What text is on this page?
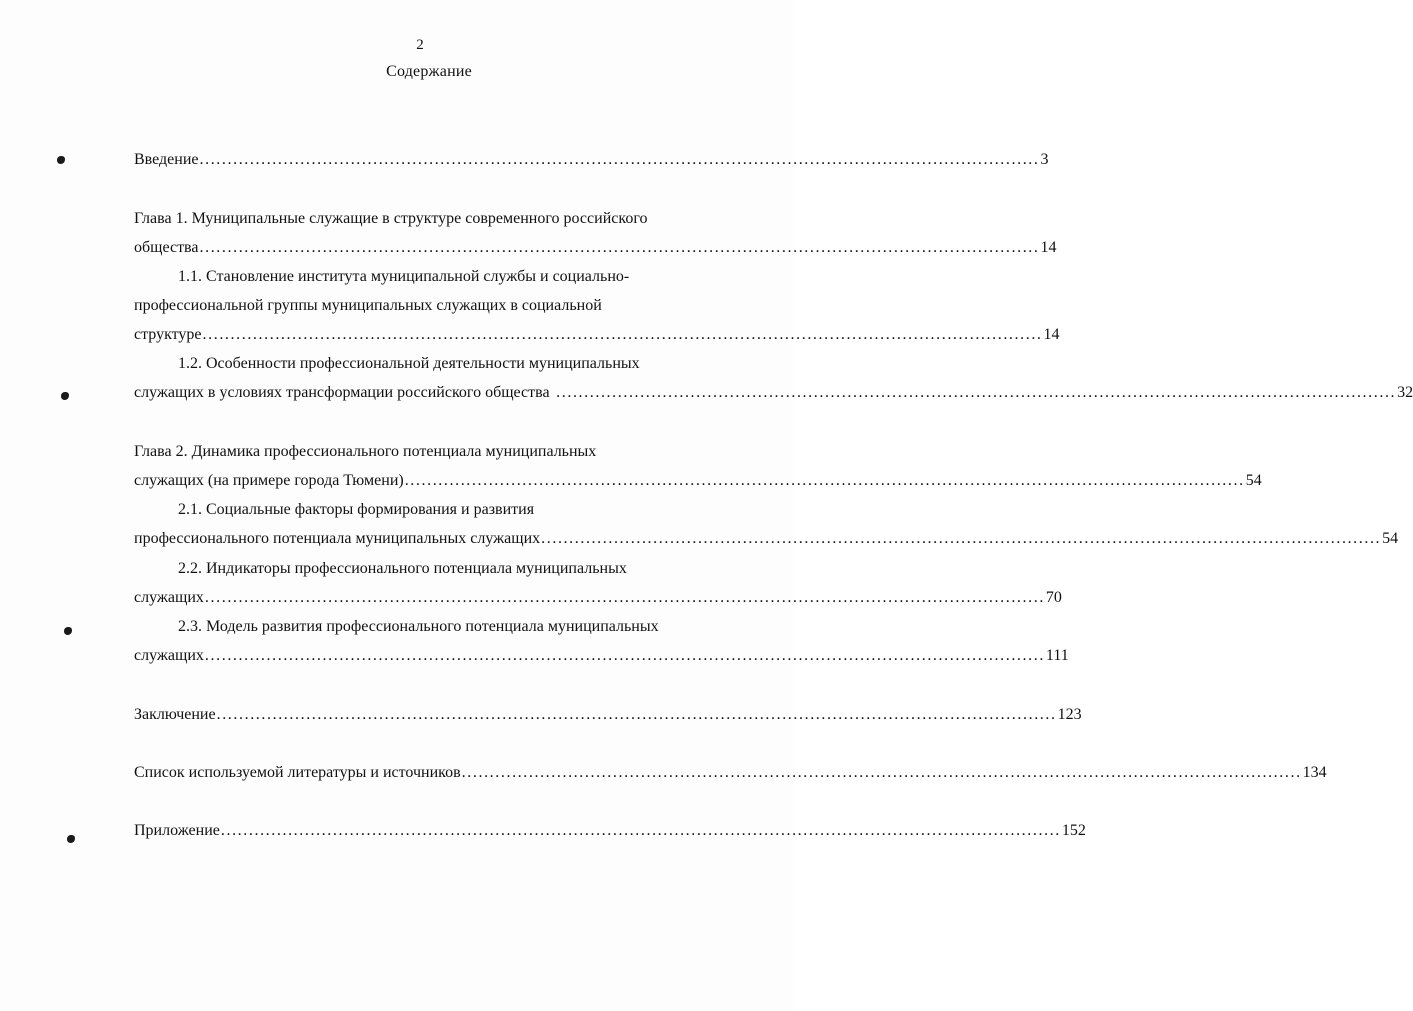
2
Содержание
Введение ...................................................................................................................................................... 3
Глава 1. Муниципальные служащие в структуре современного российского
общества ...................................................................................................................................................... 14
1.1. Становление института муниципальной службы и социально-
профессиональной группы муниципальных служащих в социальной
структуре ...................................................................................................................................................... 14
1.2. Особенности профессиональной деятельности муниципальных
служащих в условиях трансформации российского общества ...................................................................................................................................................... 32
Глава 2. Динамика профессионального потенциала муниципальных
служащих (на примере города Тюмени) ...................................................................................................................................................... 54
2.1. Социальные факторы формирования и развития
профессионального потенциала муниципальных служащих ...................................................................................................................................................... 54
2.2. Индикаторы профессионального потенциала муниципальных
служащих ...................................................................................................................................................... 70
2.3. Модель развития профессионального потенциала муниципальных
служащих ...................................................................................................................................................... 111
Заключение ...................................................................................................................................................... 123
Список используемой литературы и источников ...................................................................................................................................................... 134
Приложение ...................................................................................................................................................... 152
